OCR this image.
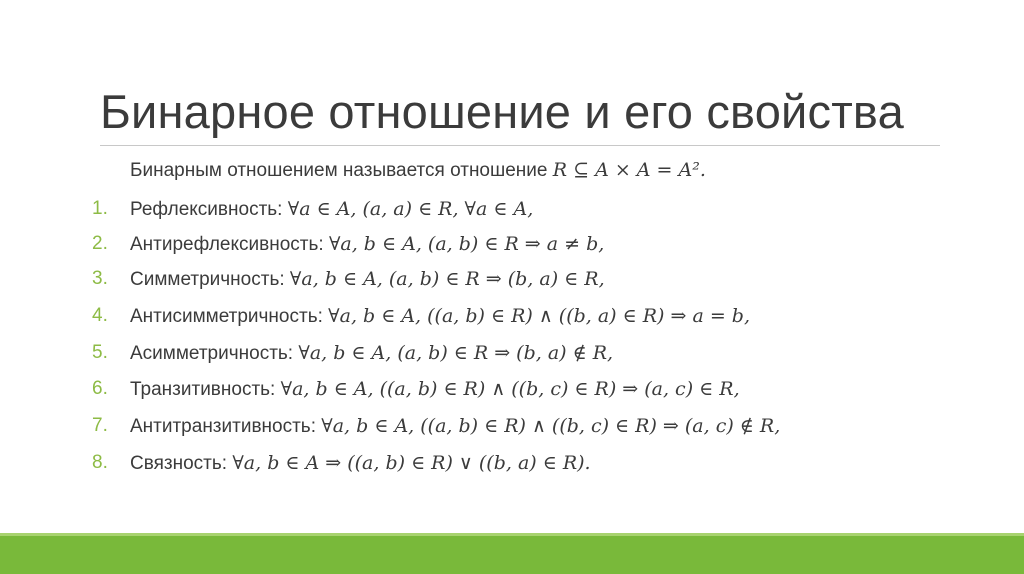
Бинарное отношение и его свойства
Бинарным отношением называется отношение R ⊆ A × A = A².
1.	Рефлексивность: ∀a ∈ A, (a, a) ∈ R, ∀a ∈ A,
2.	Антирефлексивность: ∀a, b ∈ A, (a, b) ∈ R ⇒ a ≠ b,
3.	Симметричность: ∀a, b ∈ A, (a, b) ∈ R ⇒ (b, a) ∈ R,
4.	Антисимметричность: ∀a, b ∈ A, ((a, b) ∈ R) ∧ ((b, a) ∈ R) ⇒ a = b,
5.	Асимметричность: ∀a, b ∈ A, (a, b) ∈ R ⇒ (b, a) ∉ R,
6.	Транзитивность: ∀a, b ∈ A, ((a, b) ∈ R) ∧ ((b, c) ∈ R) ⇒ (a, c) ∈ R,
7.	Антитранзитивность: ∀a, b ∈ A, ((a, b) ∈ R) ∧ ((b, c) ∈ R) ⇒ (a, c) ∉ R,
8.	Связность: ∀a, b ∈ A ⇒ ((a, b) ∈ R) ∨ ((b, a) ∈ R).
